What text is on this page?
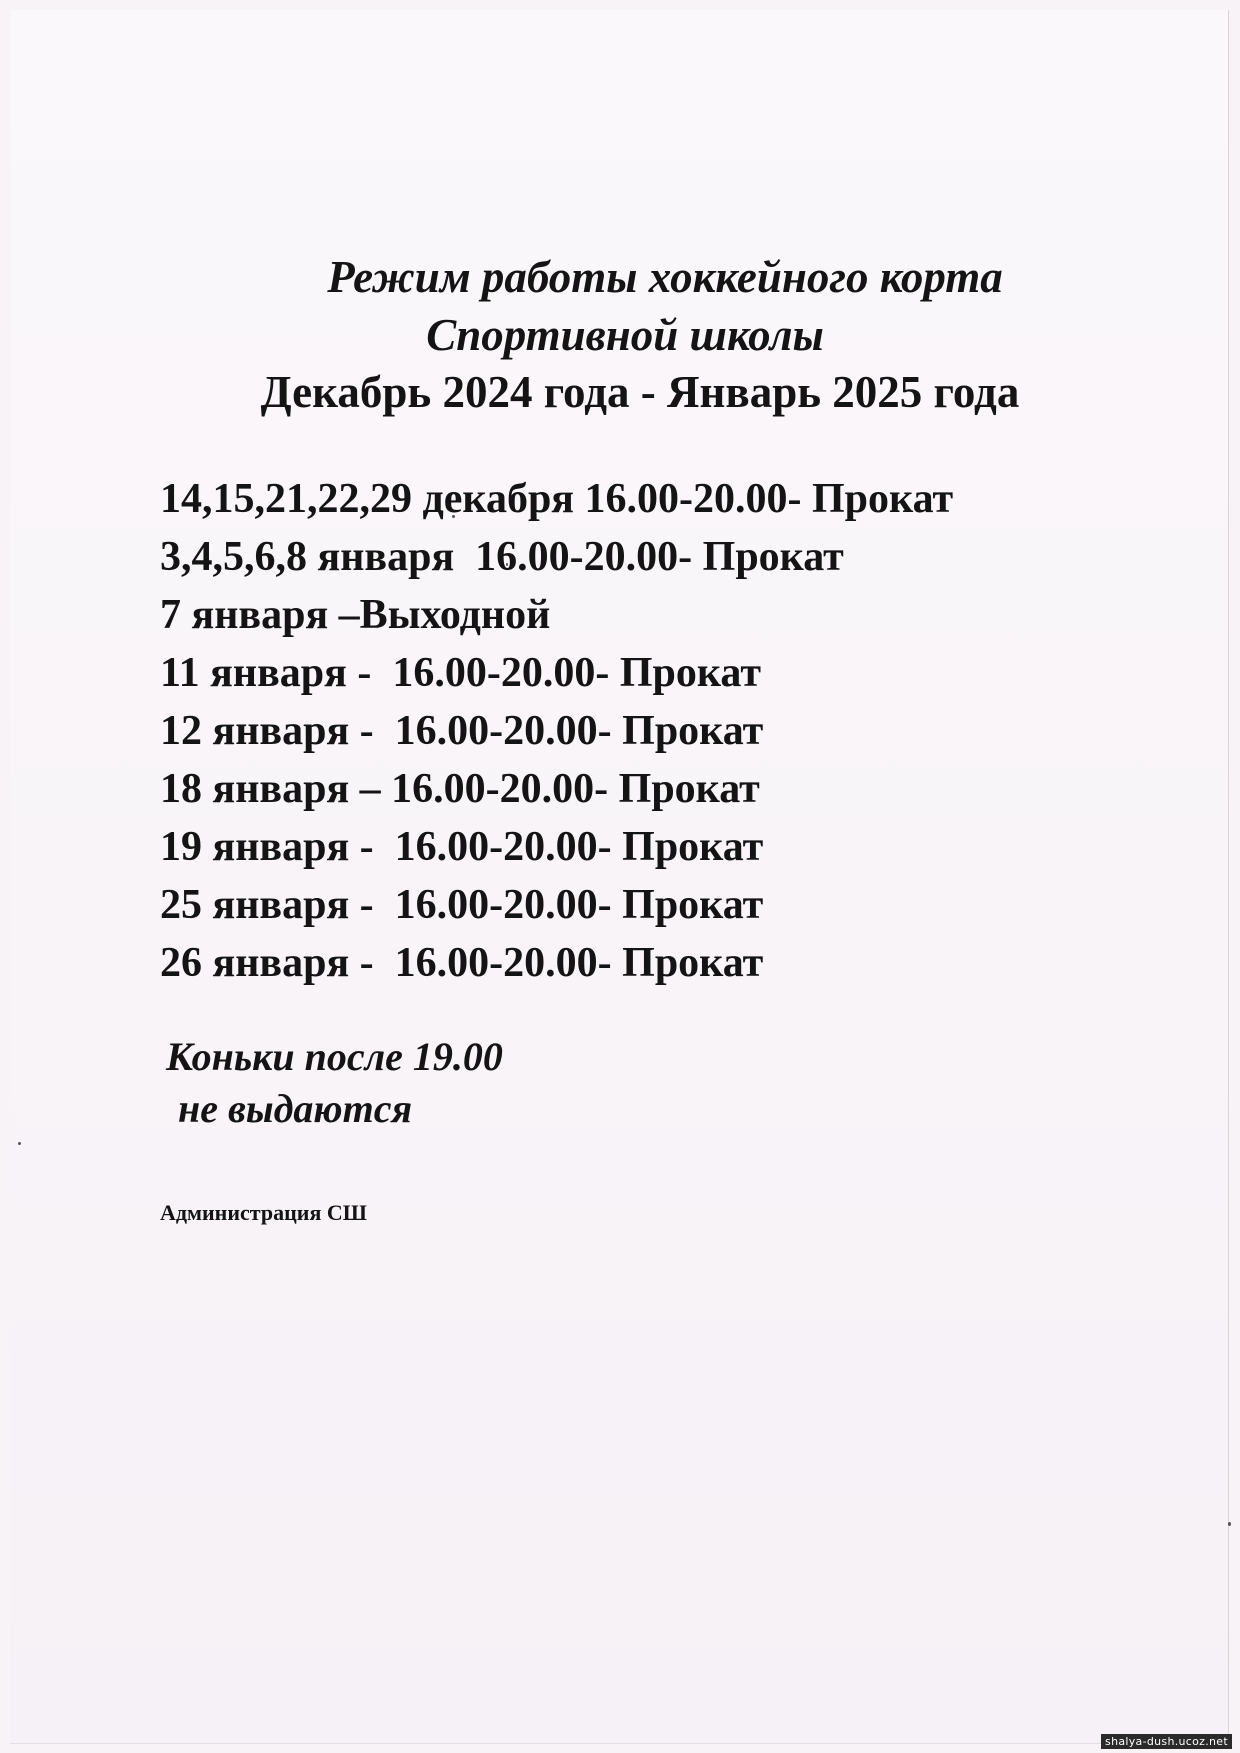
Режим работы хоккейного корта
Спортивной школы
Декабрь 2024 года - Январь 2025 года
14,15,21,22,29 декабря 16.00-20.00- Прокат
3,4,5,6,8 января  16.00-20.00- Прокат
7 января –Выходной
11 января -  16.00-20.00- Прокат
12 января -  16.00-20.00- Прокат
18 января – 16.00-20.00- Прокат
19 января -  16.00-20.00- Прокат
25 января -  16.00-20.00- Прокат
26 января -  16.00-20.00- Прокат
Коньки после 19.00
не выдаются
Администрация СШ
shalya-dush.ucoz.net
